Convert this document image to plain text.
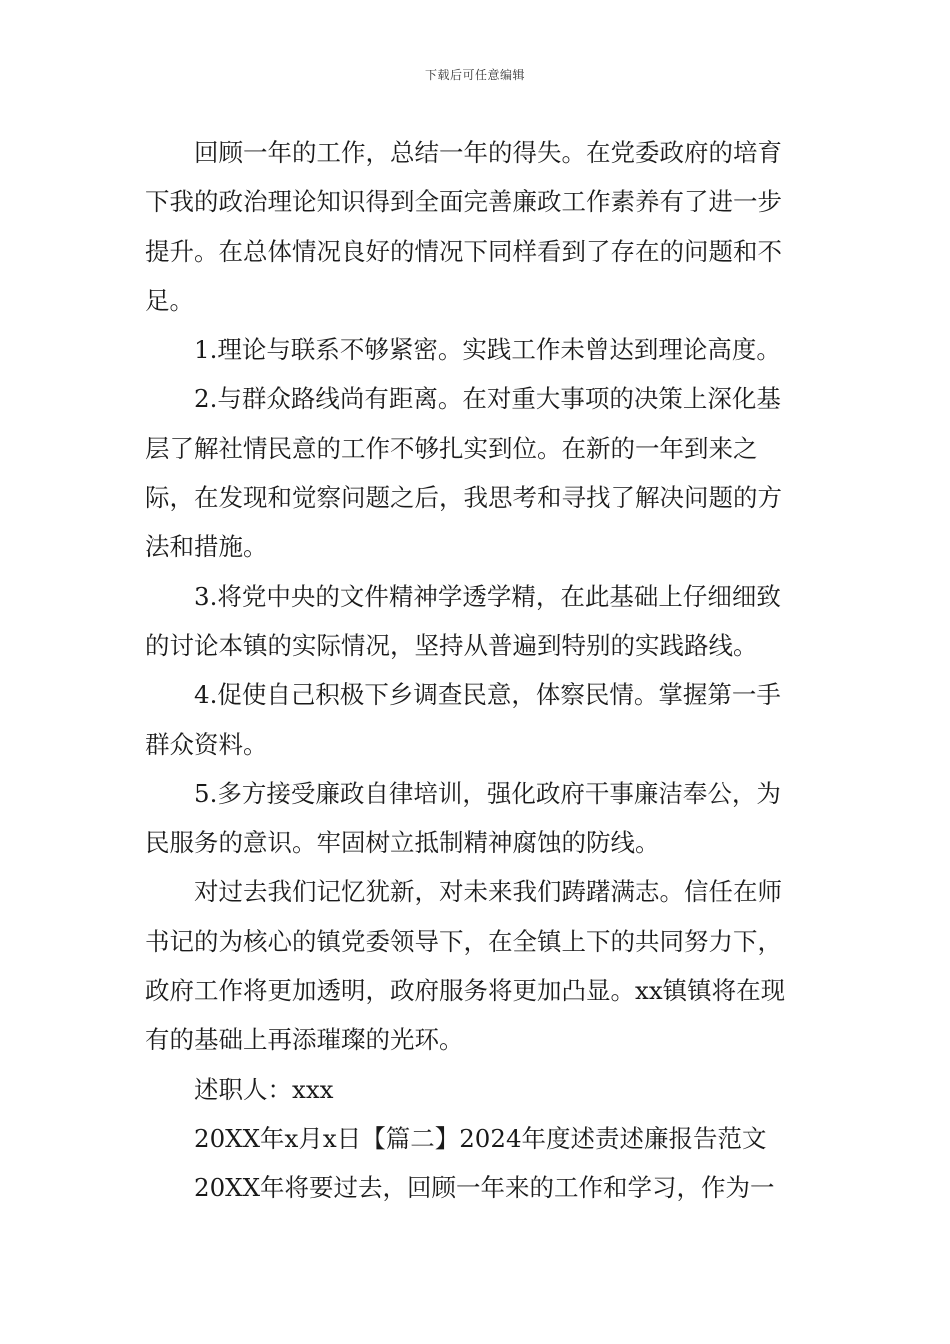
下载后可任意编辑

回顾一年的工作，总结一年的得失。在党委政府的培育下我的政治理论知识得到全面完善廉政工作素养有了进一步提升。在总体情况良好的情况下同样看到了存在的问题和不足。

1.理论与联系不够紧密。实践工作未曾达到理论高度。

2.与群众路线尚有距离。在对重大事项的决策上深化基层了解社情民意的工作不够扎实到位。在新的一年到来之际，在发现和觉察问题之后，我思考和寻找了解决问题的方法和措施。

3.将党中央的文件精神学透学精，在此基础上仔细细致的讨论本镇的实际情况，坚持从普遍到特别的实践路线。

4.促使自己积极下乡调查民意，体察民情。掌握第一手群众资料。

5.多方接受廉政自律培训，强化政府干事廉洁奉公，为民服务的意识。牢固树立抵制精神腐蚀的防线。

对过去我们记忆犹新，对未来我们踌躇满志。信任在师书记的为核心的镇党委领导下，在全镇上下的共同努力下，政府工作将更加透明，政府服务将更加凸显。xx镇镇将在现有的基础上再添璀璨的光环。

述职人：xxx

20XX年x月x日【篇二】2024年度述责述廉报告范文

20XX年将要过去，回顾一年来的工作和学习，作为一
